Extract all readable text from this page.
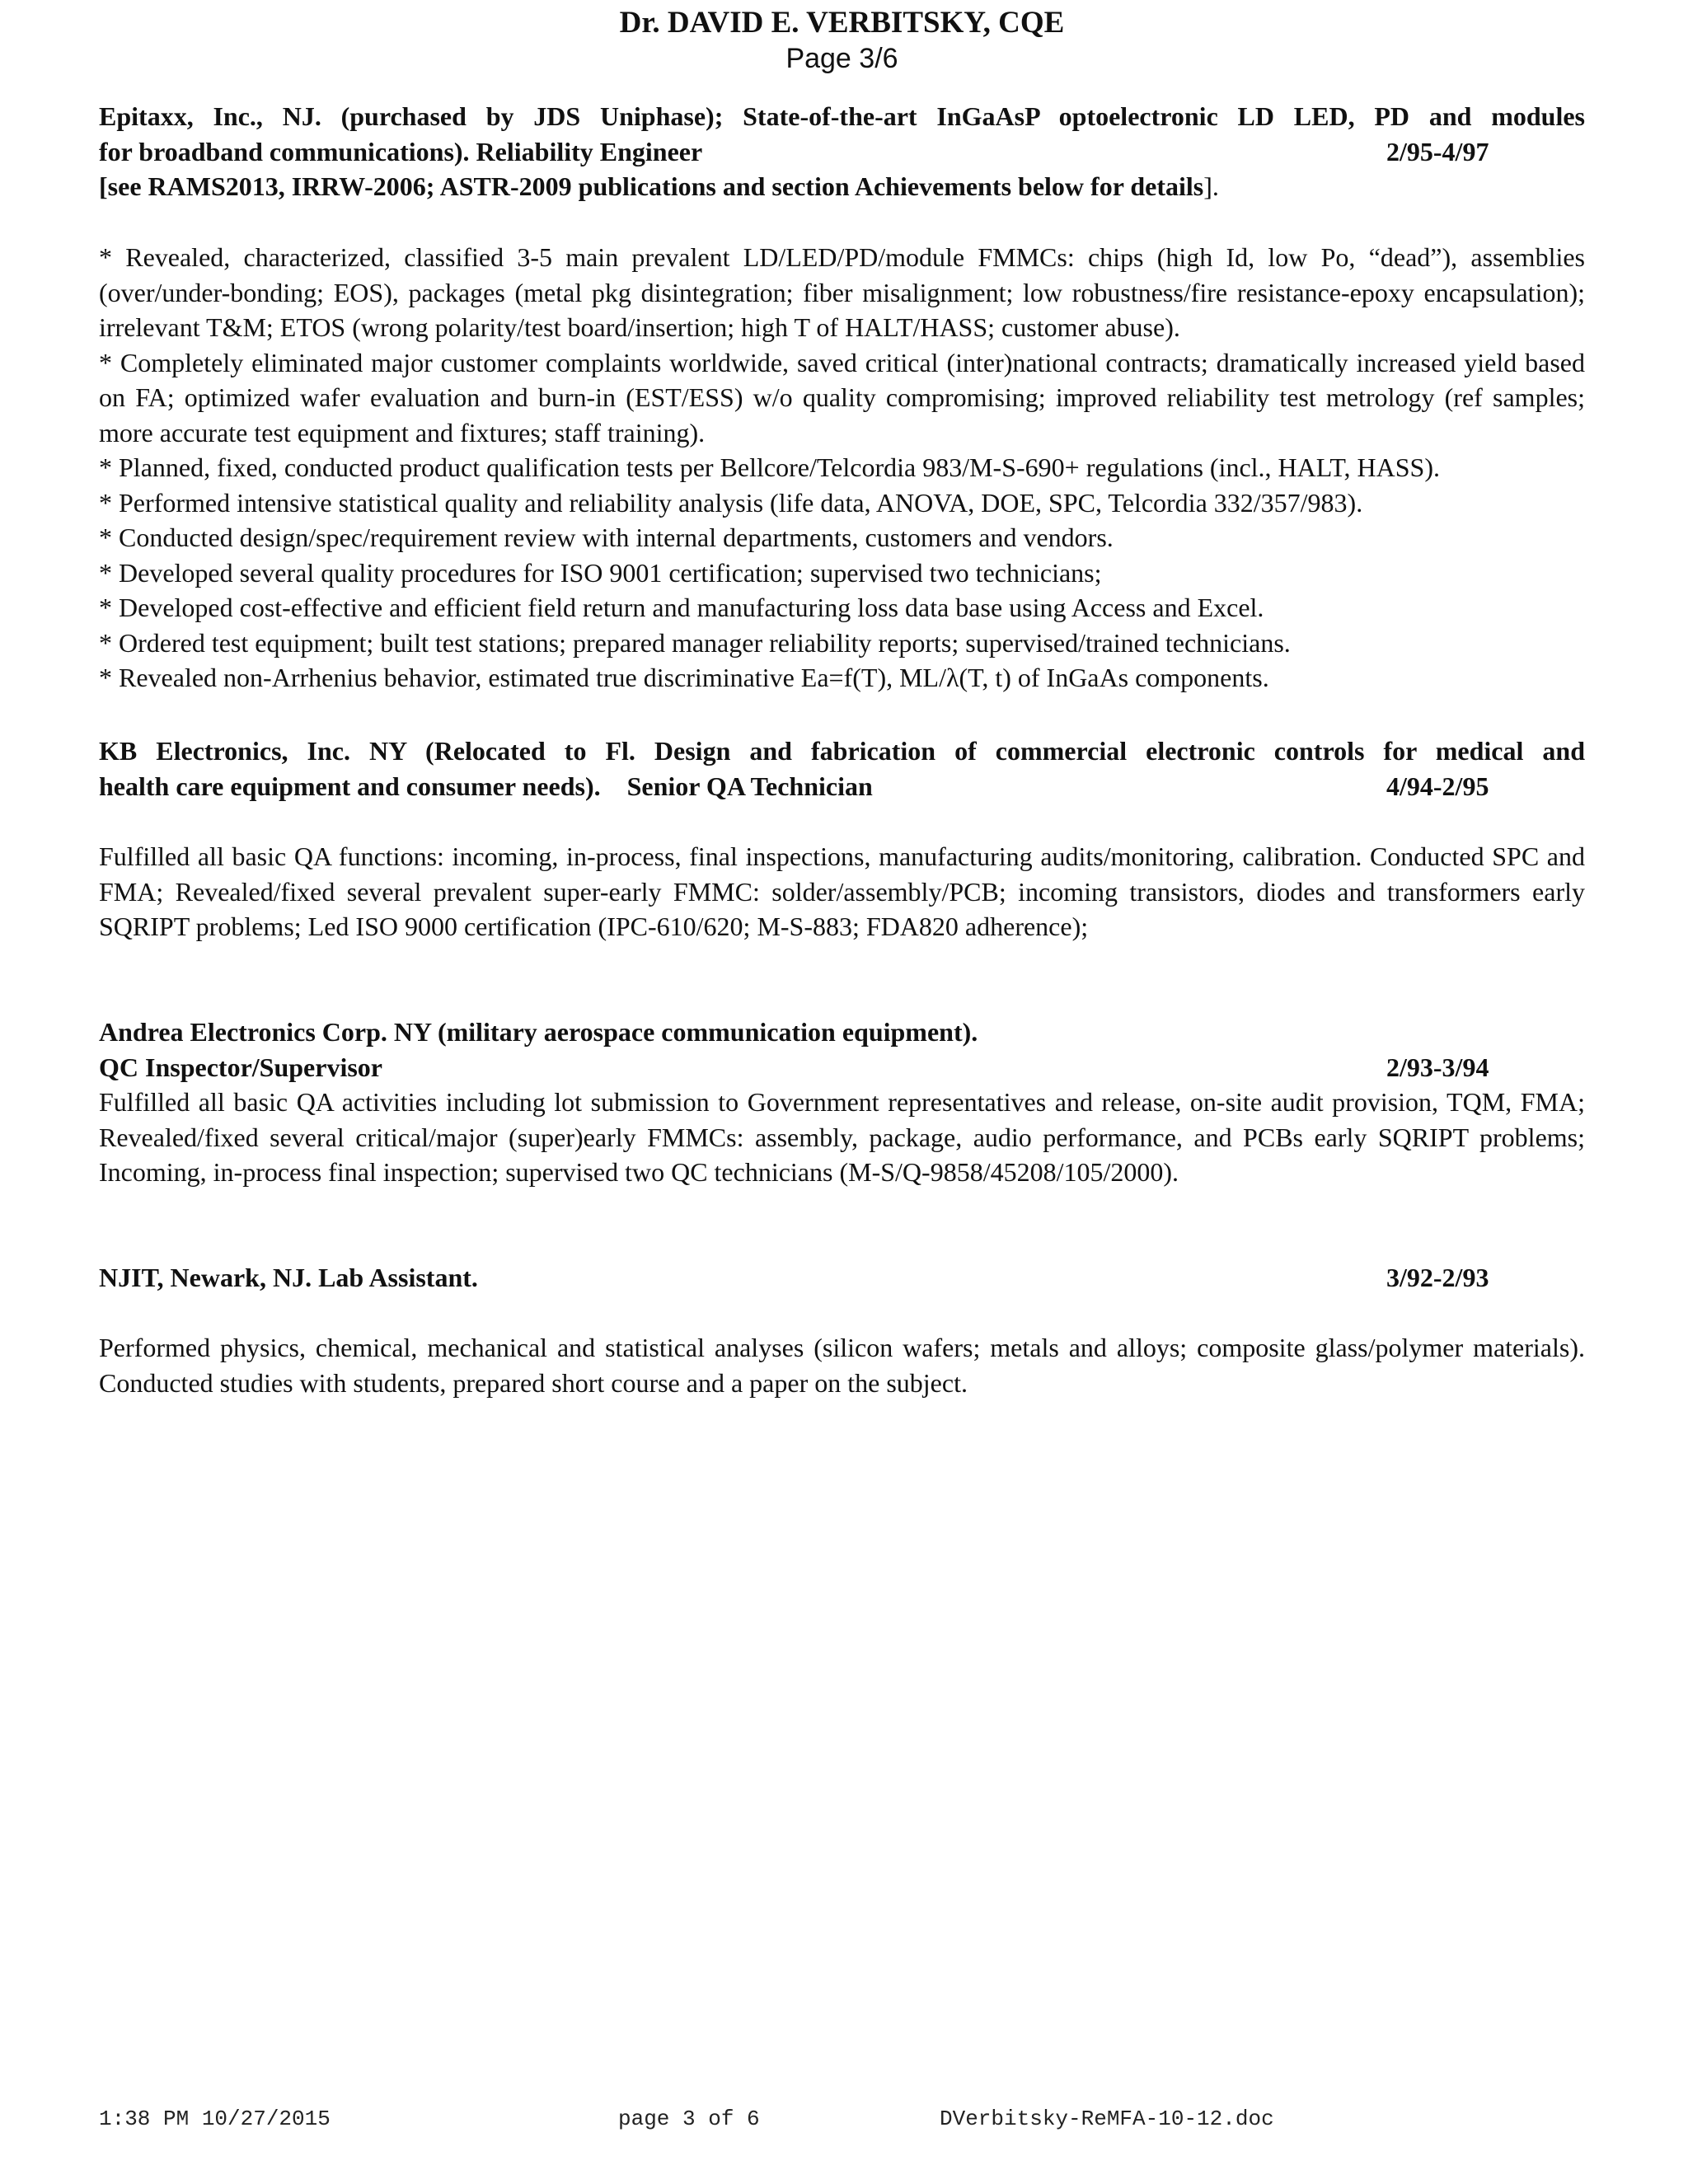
Dr. DAVID E. VERBITSKY, CQE
Page 3/6
Epitaxx, Inc., NJ. (purchased by JDS Uniphase); State-of-the-art InGaAsP optoelectronic LD LED, PD and modules
for broadband communications). Reliability Engineer	2/95-4/97
[see RAMS2013, IRRW-2006; ASTR-2009 publications and section Achievements below for details].

* Revealed, characterized, classified 3-5 main prevalent LD/LED/PD/module FMMCs: chips (high Id, low Po, “dead”), assemblies (over/under-bonding; EOS), packages (metal pkg disintegration; fiber misalignment; low robustness/fire resistance-epoxy encapsulation); irrelevant T&M; ETOS (wrong polarity/test board/insertion; high T of HALT/HASS; customer abuse).

* Completely eliminated major customer complaints worldwide, saved critical (inter)national contracts; dramatically increased yield based on FA; optimized wafer evaluation and burn-in (EST/ESS) w/o quality compromising; improved reliability test metrology (ref samples; more accurate test equipment and fixtures; staff training).

* Planned, fixed, conducted product qualification tests per Bellcore/Telcordia 983/M-S-690+ regulations (incl., HALT, HASS).

* Performed intensive statistical quality and reliability analysis (life data, ANOVA, DOE, SPC, Telcordia 332/357/983).

* Conducted design/spec/requirement review with internal departments, customers and vendors.

* Developed several quality procedures for ISO 9001 certification; supervised two technicians;

* Developed cost-effective and efficient field return and manufacturing loss data base using Access and Excel.

* Ordered test equipment; built test stations; prepared manager reliability reports; supervised/trained technicians.

* Revealed non-Arrhenius behavior, estimated true discriminative Ea=f(T), ML/λ(T, t) of InGaAs components.

KB Electronics, Inc. NY (Relocated to Fl. Design and fabrication of commercial electronic controls for medical and
health care equipment and consumer needs).    Senior QA Technician	4/94-2/95

Fulfilled all basic QA functions: incoming, in-process, final inspections, manufacturing audits/monitoring, calibration. Conducted SPC and FMA; Revealed/fixed several prevalent super-early FMMC: solder/assembly/PCB; incoming transistors, diodes and transformers early SQRIPT problems; Led ISO 9000 certification (IPC-610/620; M-S-883; FDA820 adherence);

Andrea Electronics Corp. NY (military aerospace communication equipment).
QC Inspector/Supervisor	2/93-3/94

Fulfilled all basic QA activities including lot submission to Government representatives and release, on-site audit provision, TQM, FMA; Revealed/fixed several critical/major (super)early FMMCs: assembly, package, audio performance, and PCBs early SQRIPT problems; Incoming, in-process final inspection; supervised two QC technicians (M-S/Q-9858/45208/105/2000).

NJIT, Newark, NJ. Lab Assistant.	3/92-2/93

Performed physics, chemical, mechanical and statistical analyses (silicon wafers; metals and alloys; composite glass/polymer materials). Conducted studies with students, prepared short course and a paper on the subject.

1:38 PM 10/27/2015	page 3 of 6	DVerbitsky-ReMFA-10-12.doc
